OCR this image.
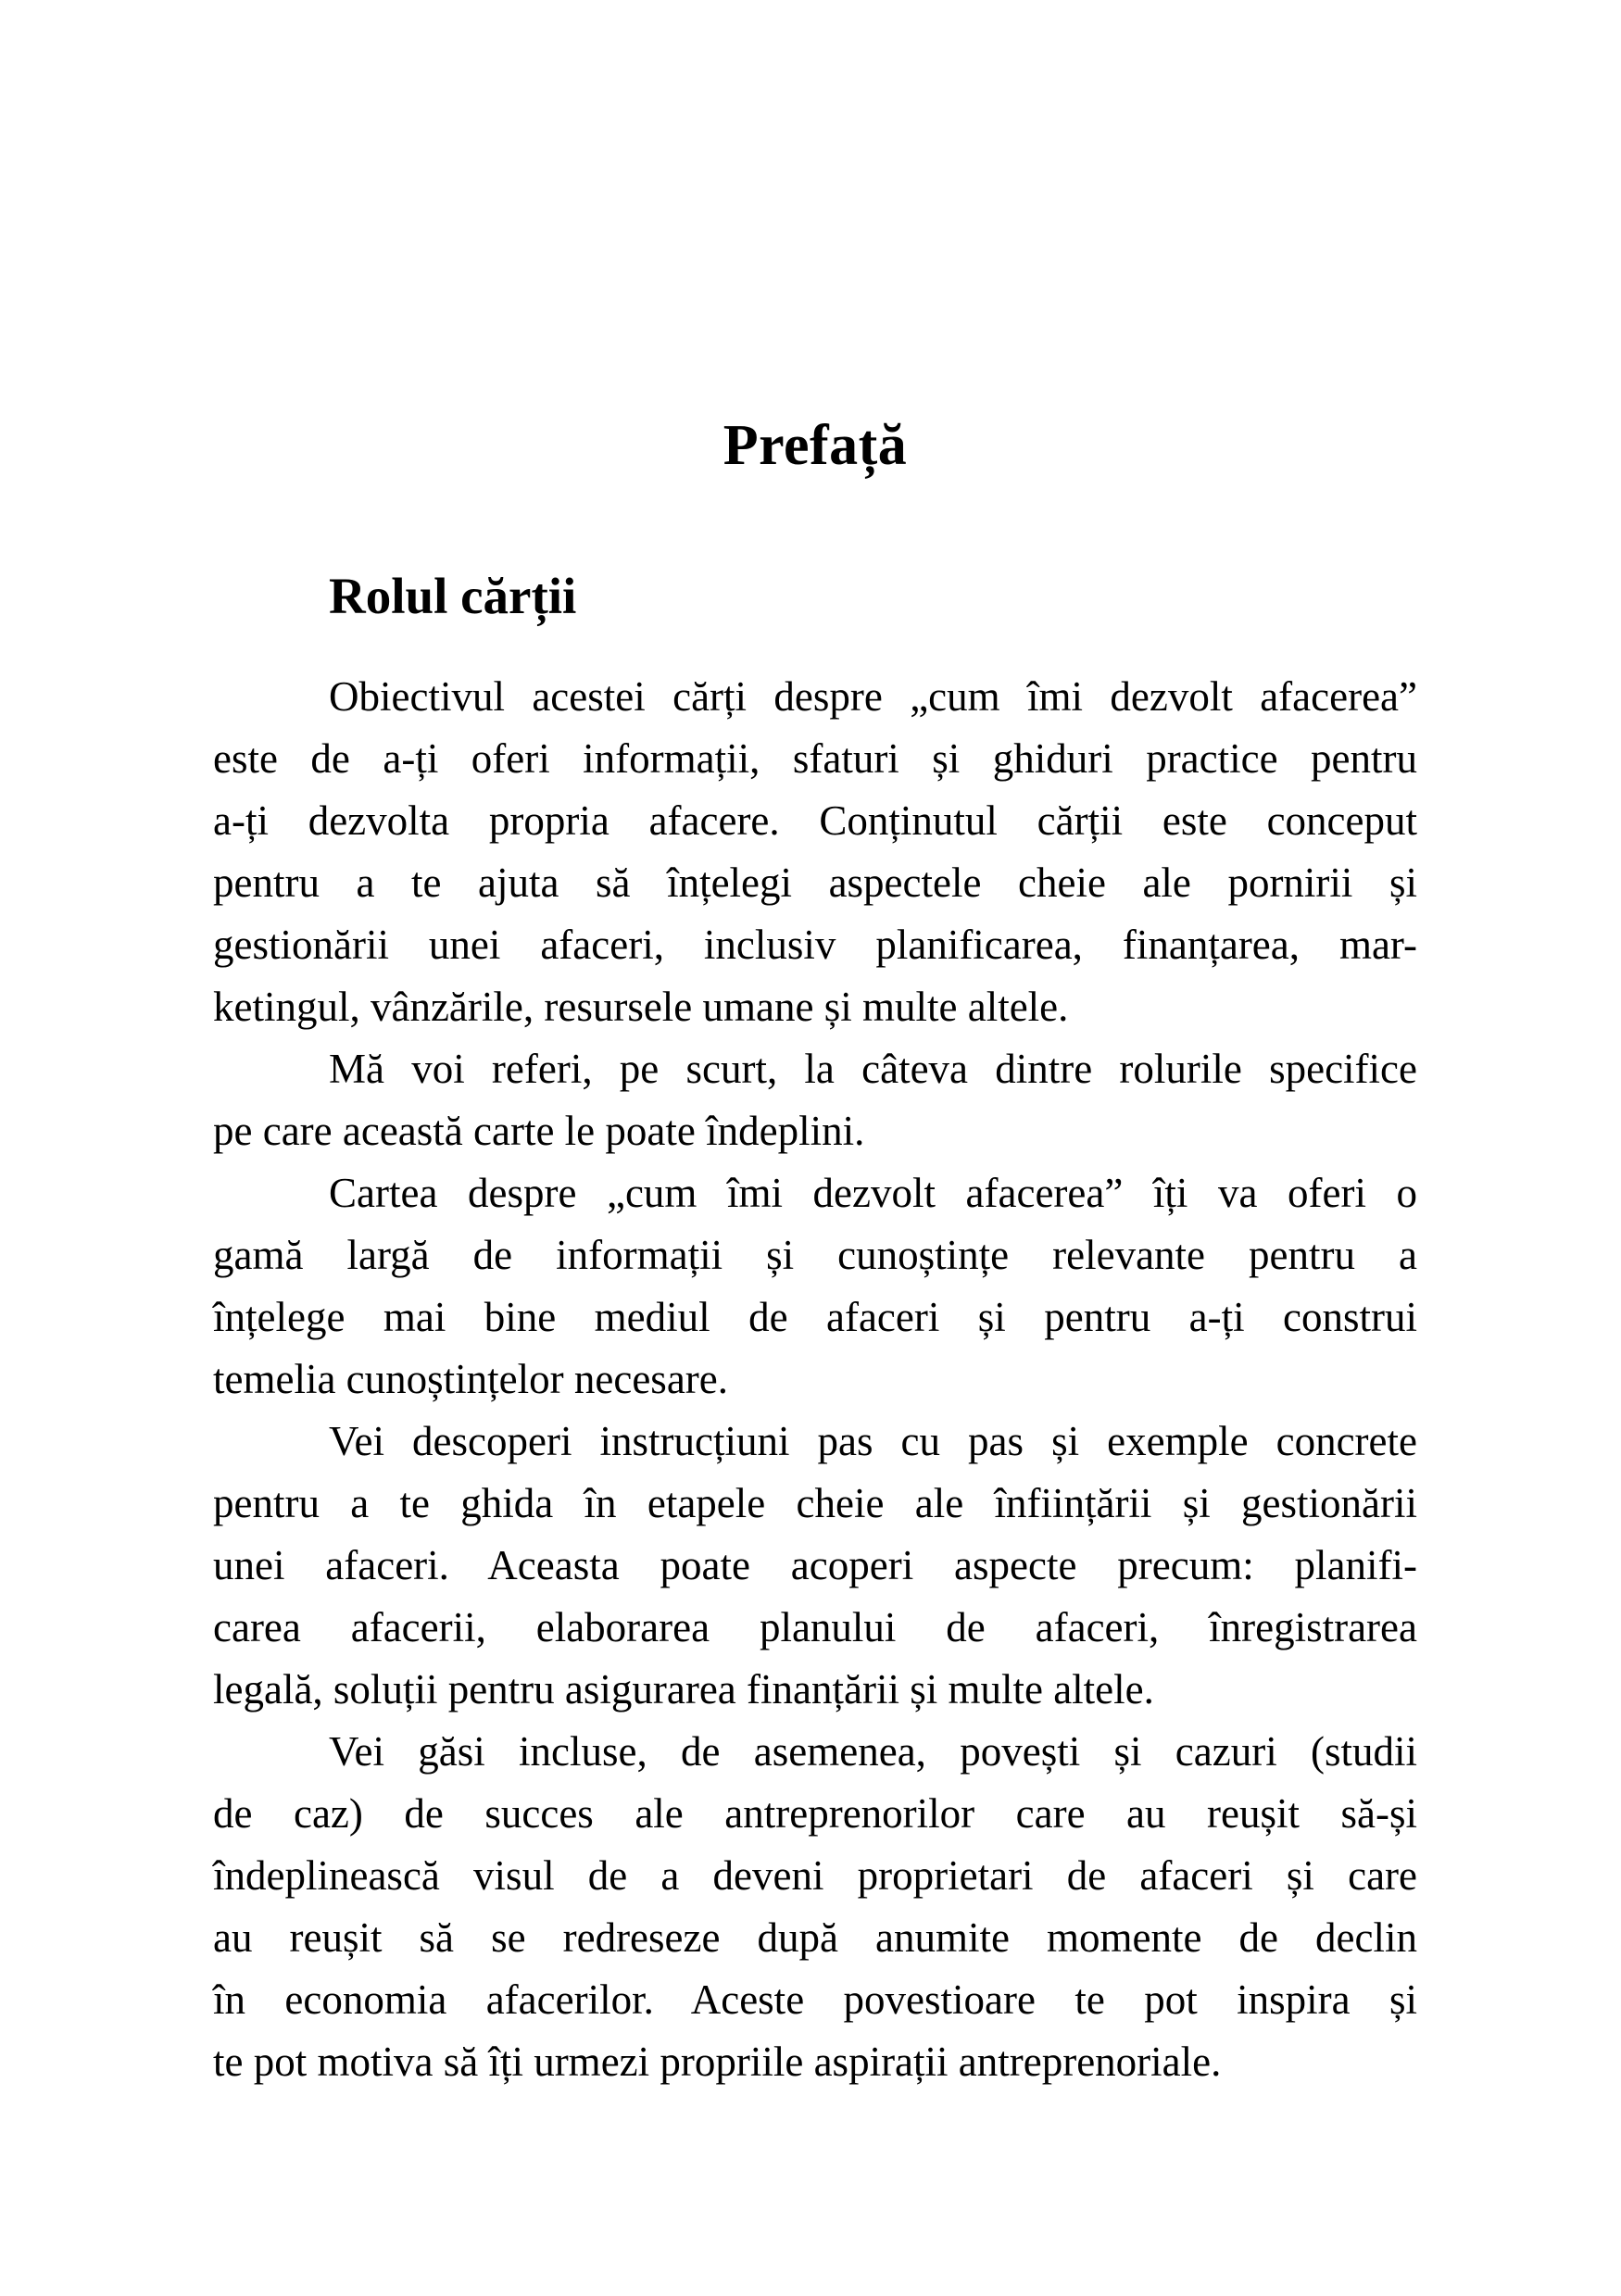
Prefață
Rolul cărții
Obiectivul acestei cărți despre „cum îmi dezvolt afacerea”
este de a-ți oferi informații, sfaturi și ghiduri practice pentru
a-ți dezvolta propria afacere. Conținutul cărții este conceput
pentru a te ajuta să înțelegi aspectele cheie ale pornirii și
gestionării unei afaceri, inclusiv planificarea, finanțarea, mar-
ketingul, vânzările, resursele umane și multe altele.
Mă voi referi, pe scurt, la câteva dintre rolurile specifice
pe care această carte le poate îndeplini.
Cartea despre „cum îmi dezvolt afacerea” îți va oferi o
gamă largă de informații și cunoștințe relevante pentru a
înțelege mai bine mediul de afaceri și pentru a-ți construi
temelia cunoștințelor necesare.
Vei descoperi instrucțiuni pas cu pas și exemple concrete
pentru a te ghida în etapele cheie ale înființării și gestionării
unei afaceri. Aceasta poate acoperi aspecte precum: planifi-
carea afacerii, elaborarea planului de afaceri, înregistrarea
legală, soluții pentru asigurarea finanțării și multe altele.
Vei găsi incluse, de asemenea, povești și cazuri (studii
de caz) de succes ale antreprenorilor care au reușit să-și
îndeplinească visul de a deveni proprietari de afaceri și care
au reușit să se redreseze după anumite momente de declin
în economia afacerilor. Aceste povestioare te pot inspira și
te pot motiva să îți urmezi propriile aspirații antreprenoriale.
